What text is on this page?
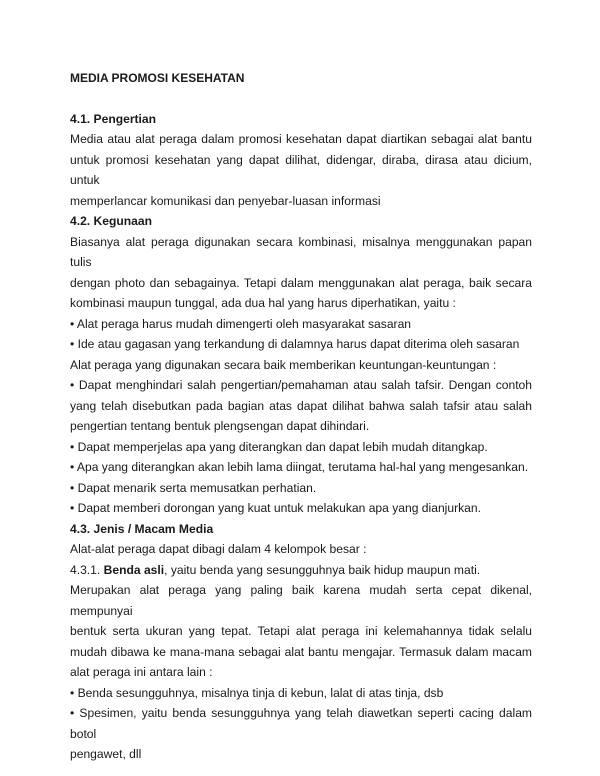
MEDIA PROMOSI KESEHATAN

4.1. Pengertian

Media atau alat peraga dalam promosi kesehatan dapat diartikan sebagai alat bantu

untuk promosi kesehatan yang dapat dilihat, didengar, diraba, dirasa atau dicium, untuk

memperlancar komunikasi dan penyebar-luasan informasi

4.2. Kegunaan

Biasanya alat peraga digunakan secara kombinasi, misalnya menggunakan papan tulis

dengan photo dan sebagainya. Tetapi dalam menggunakan alat peraga, baik secara

kombinasi maupun tunggal, ada dua hal yang harus diperhatikan, yaitu :

• Alat peraga harus mudah dimengerti oleh masyarakat sasaran

• Ide atau gagasan yang terkandung di dalamnya harus dapat diterima oleh sasaran

Alat peraga yang digunakan secara baik memberikan keuntungan-keuntungan :

• Dapat menghindari salah pengertian/pemahaman atau salah tafsir. Dengan contoh

yang telah disebutkan pada bagian atas dapat dilihat bahwa salah tafsir atau salah

pengertian tentang bentuk plengsengan dapat dihindari.

• Dapat memperjelas apa yang diterangkan dan dapat lebih mudah ditangkap.

• Apa yang diterangkan akan lebih lama diingat, terutama hal-hal yang mengesankan.

• Dapat menarik serta memusatkan perhatian.

• Dapat memberi dorongan yang kuat untuk melakukan apa yang dianjurkan.

4.3. Jenis / Macam Media

Alat-alat peraga dapat dibagi dalam 4 kelompok besar :

4.3.1. Benda asli, yaitu benda yang sesungguhnya baik hidup maupun mati.

Merupakan alat peraga yang paling baik karena mudah serta cepat dikenal, mempunyai

bentuk serta ukuran yang tepat. Tetapi alat peraga ini kelemahannya tidak selalu

mudah dibawa ke mana-mana sebagai alat bantu mengajar. Termasuk dalam macam

alat peraga ini antara lain :

• Benda sesungguhnya, misalnya tinja di kebun, lalat di atas tinja, dsb

• Spesimen, yaitu benda sesungguhnya yang telah diawetkan seperti cacing dalam

botol

pengawet, dll
